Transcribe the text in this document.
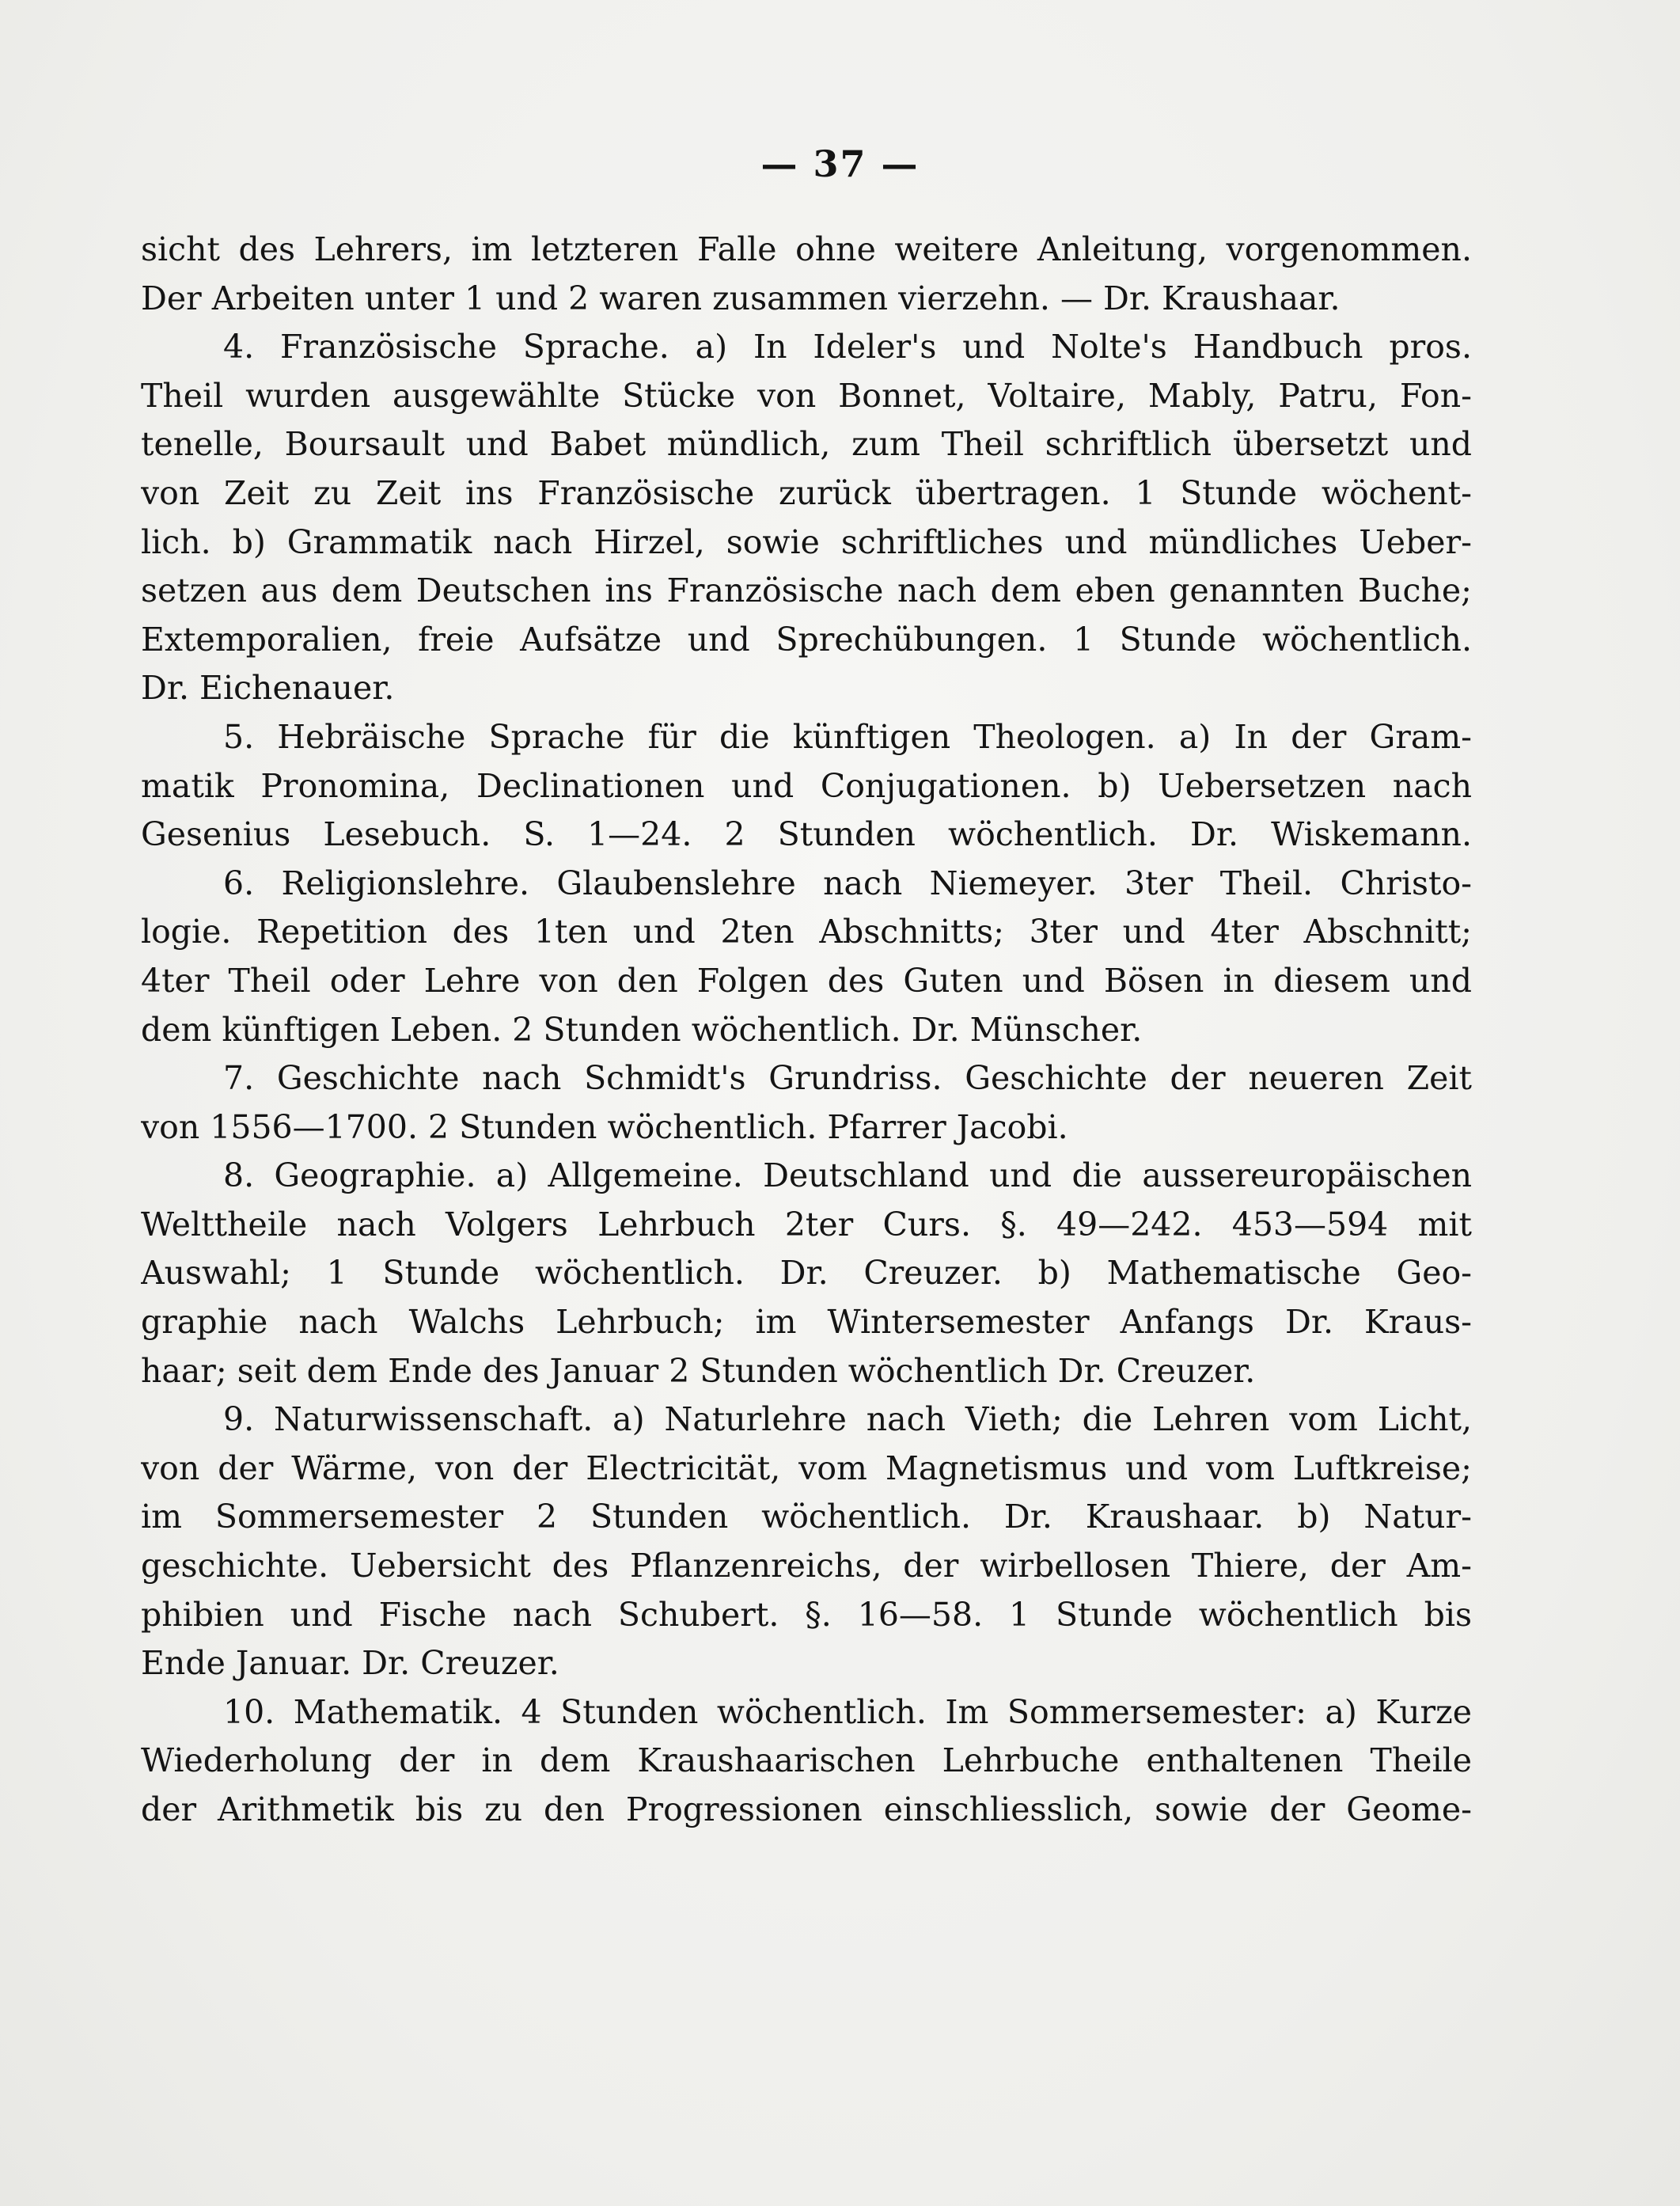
— 37 —
sicht des Lehrers, im letzteren Falle ohne weitere Anleitung, vorgenommen.
Der Arbeiten unter 1 und 2 waren zusammen vierzehn. — Dr. Kraushaar.
4. Französische Sprache. a) In Ideler's und Nolte's Handbuch pros.
Theil wurden ausgewählte Stücke von Bonnet, Voltaire, Mably, Patru, Fon-
tenelle, Boursault und Babet mündlich, zum Theil schriftlich übersetzt und
von Zeit zu Zeit ins Französische zurück übertragen. 1 Stunde wöchent-
lich. b) Grammatik nach Hirzel, sowie schriftliches und mündliches Ueber-
setzen aus dem Deutschen ins Französische nach dem eben genannten Buche;
Extemporalien, freie Aufsätze und Sprechübungen. 1 Stunde wöchentlich.
Dr. Eichenauer.
5. Hebräische Sprache für die künftigen Theologen. a) In der Gram-
matik Pronomina, Declinationen und Conjugationen. b) Uebersetzen nach
Gesenius Lesebuch. S. 1—24. 2 Stunden wöchentlich. Dr. Wiskemann.
6. Religionslehre. Glaubenslehre nach Niemeyer. 3ter Theil. Christo-
logie. Repetition des 1ten und 2ten Abschnitts; 3ter und 4ter Abschnitt;
4ter Theil oder Lehre von den Folgen des Guten und Bösen in diesem und
dem künftigen Leben. 2 Stunden wöchentlich. Dr. Münscher.
7. Geschichte nach Schmidt's Grundriss. Geschichte der neueren Zeit
von 1556—1700. 2 Stunden wöchentlich. Pfarrer Jacobi.
8. Geographie. a) Allgemeine. Deutschland und die aussereuropäischen
Welttheile nach Volgers Lehrbuch 2ter Curs. §. 49—242. 453—594 mit
Auswahl; 1 Stunde wöchentlich. Dr. Creuzer. b) Mathematische Geo-
graphie nach Walchs Lehrbuch; im Wintersemester Anfangs Dr. Kraus-
haar; seit dem Ende des Januar 2 Stunden wöchentlich Dr. Creuzer.
9. Naturwissenschaft. a) Naturlehre nach Vieth; die Lehren vom Licht,
von der Wärme, von der Electricität, vom Magnetismus und vom Luftkreise;
im Sommersemester 2 Stunden wöchentlich. Dr. Kraushaar. b) Natur-
geschichte. Uebersicht des Pflanzenreichs, der wirbellosen Thiere, der Am-
phibien und Fische nach Schubert. §. 16—58. 1 Stunde wöchentlich bis
Ende Januar. Dr. Creuzer.
10. Mathematik. 4 Stunden wöchentlich. Im Sommersemester: a) Kurze
Wiederholung der in dem Kraushaarischen Lehrbuche enthaltenen Theile
der Arithmetik bis zu den Progressionen einschliesslich, sowie der Geome-
